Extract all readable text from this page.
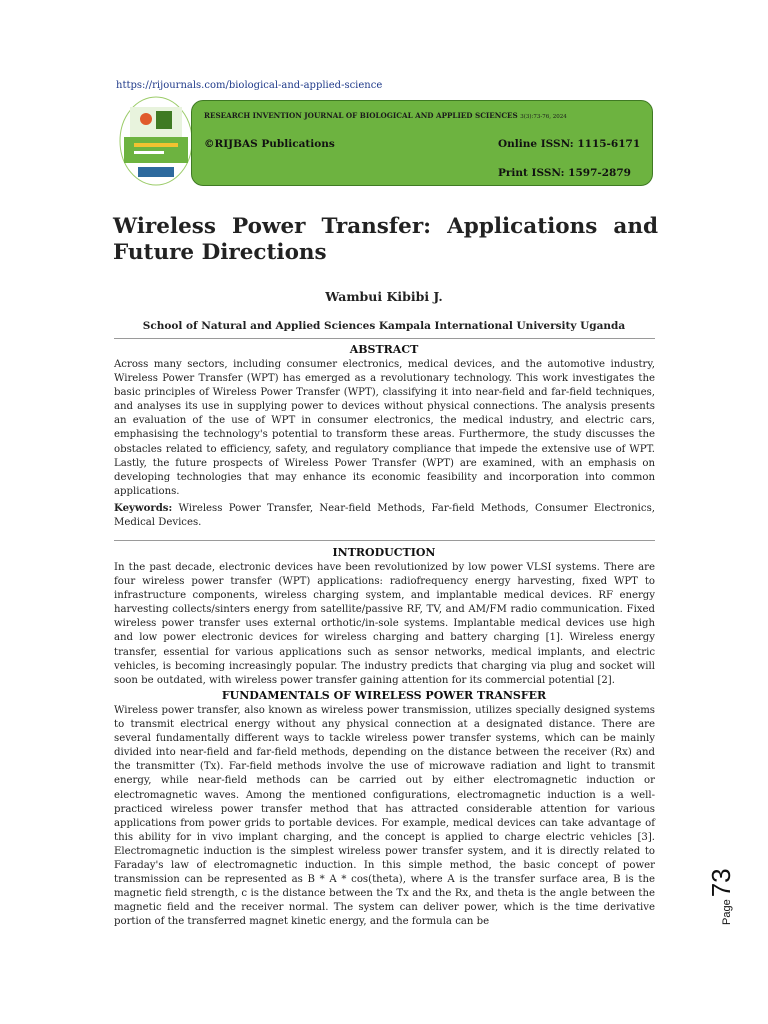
https://rijournals.com/biological-and-applied-science
RESEARCH INVENTION JOURNAL OF BIOLOGICAL AND APPLIED SCIENCES 3(3):73-76, 2024
©RIJBAS Publications	Online ISSN: 1115-6171
Print ISSN: 1597-2879
Wireless Power Transfer: Applications and Future Directions
Wambui Kibibi J.
School of Natural and Applied Sciences Kampala International University Uganda
ABSTRACT
Across many sectors, including consumer electronics, medical devices, and the automotive industry, Wireless Power Transfer (WPT) has emerged as a revolutionary technology. This work investigates the basic principles of Wireless Power Transfer (WPT), classifying it into near-field and far-field techniques, and analyses its use in supplying power to devices without physical connections. The analysis presents an evaluation of the use of WPT in consumer electronics, the medical industry, and electric cars, emphasising the technology's potential to transform these areas. Furthermore, the study discusses the obstacles related to efficiency, safety, and regulatory compliance that impede the extensive use of WPT. Lastly, the future prospects of Wireless Power Transfer (WPT) are examined, with an emphasis on developing technologies that may enhance its economic feasibility and incorporation into common applications.
Keywords: Wireless Power Transfer, Near-field Methods, Far-field Methods, Consumer Electronics, Medical Devices.
INTRODUCTION
In the past decade, electronic devices have been revolutionized by low power VLSI systems. There are four wireless power transfer (WPT) applications: radiofrequency energy harvesting, fixed WPT to infrastructure components, wireless charging system, and implantable medical devices. RF energy harvesting collects/sinters energy from satellite/passive RF, TV, and AM/FM radio communication. Fixed wireless power transfer uses external orthotic/in-sole systems. Implantable medical devices use high and low power electronic devices for wireless charging and battery charging [1]. Wireless energy transfer, essential for various applications such as sensor networks, medical implants, and electric vehicles, is becoming increasingly popular. The industry predicts that charging via plug and socket will soon be outdated, with wireless power transfer gaining attention for its commercial potential [2].
FUNDAMENTALS OF WIRELESS POWER TRANSFER
Wireless power transfer, also known as wireless power transmission, utilizes specially designed systems to transmit electrical energy without any physical connection at a designated distance. There are several fundamentally different ways to tackle wireless power transfer systems, which can be mainly divided into near-field and far-field methods, depending on the distance between the receiver (Rx) and the transmitter (Tx). Far-field methods involve the use of microwave radiation and light to transmit energy, while near-field methods can be carried out by either electromagnetic induction or electromagnetic waves. Among the mentioned configurations, electromagnetic induction is a well-practiced wireless power transfer method that has attracted considerable attention for various applications from power grids to portable devices. For example, medical devices can take advantage of this ability for in vivo implant charging, and the concept is applied to charge electric vehicles [3]. Electromagnetic induction is the simplest wireless power transfer system, and it is directly related to Faraday's law of electromagnetic induction. In this simple method, the basic concept of power transmission can be represented as B * A * cos(theta), where A is the transfer surface area, B is the magnetic field strength, c is the distance between the Tx and the Rx, and theta is the angle between the magnetic field and the receiver normal. The system can deliver power, which is the time derivative portion of the transferred magnet kinetic energy, and the formula can be	Page73
